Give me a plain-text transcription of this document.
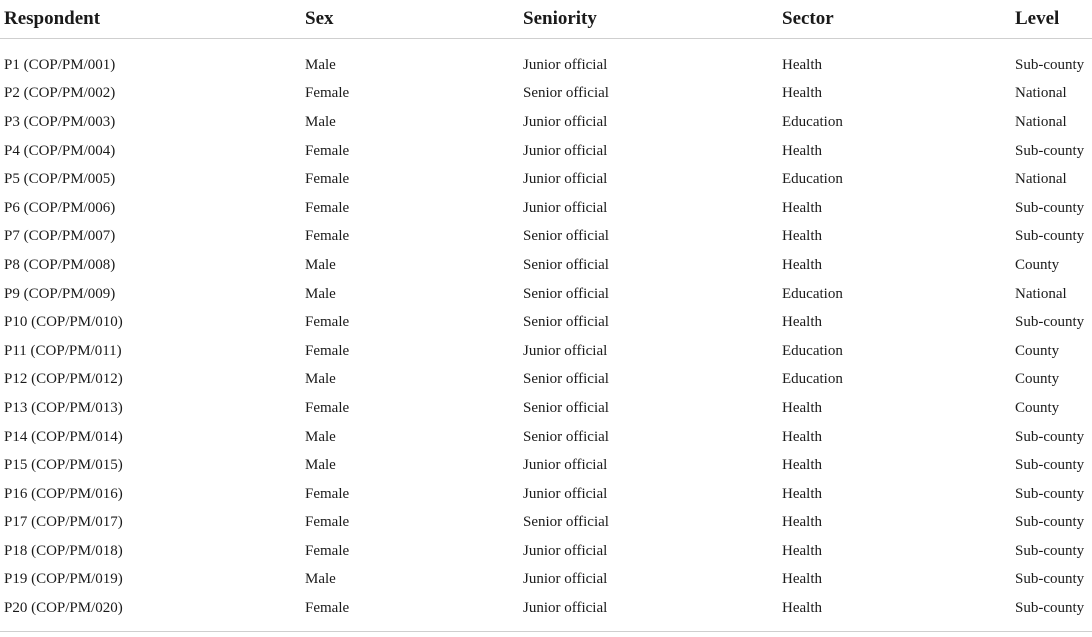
Respondent	Sex	Seniority	Sector	Level
P1 (COP/PM/001)	Male	Junior official	Health	Sub-county
P2 (COP/PM/002)	Female	Senior official	Health	National
P3 (COP/PM/003)	Male	Junior official	Education	National
P4 (COP/PM/004)	Female	Junior official	Health	Sub-county
P5 (COP/PM/005)	Female	Junior official	Education	National
P6 (COP/PM/006)	Female	Junior official	Health	Sub-county
P7 (COP/PM/007)	Female	Senior official	Health	Sub-county
P8 (COP/PM/008)	Male	Senior official	Health	County
P9 (COP/PM/009)	Male	Senior official	Education	National
P10 (COP/PM/010)	Female	Senior official	Health	Sub-county
P11 (COP/PM/011)	Female	Junior official	Education	County
P12 (COP/PM/012)	Male	Senior official	Education	County
P13 (COP/PM/013)	Female	Senior official	Health	County
P14 (COP/PM/014)	Male	Senior official	Health	Sub-county
P15 (COP/PM/015)	Male	Junior official	Health	Sub-county
P16 (COP/PM/016)	Female	Junior official	Health	Sub-county
P17 (COP/PM/017)	Female	Senior official	Health	Sub-county
P18 (COP/PM/018)	Female	Junior official	Health	Sub-county
P19 (COP/PM/019)	Male	Junior official	Health	Sub-county
P20 (COP/PM/020)	Female	Junior official	Health	Sub-county
